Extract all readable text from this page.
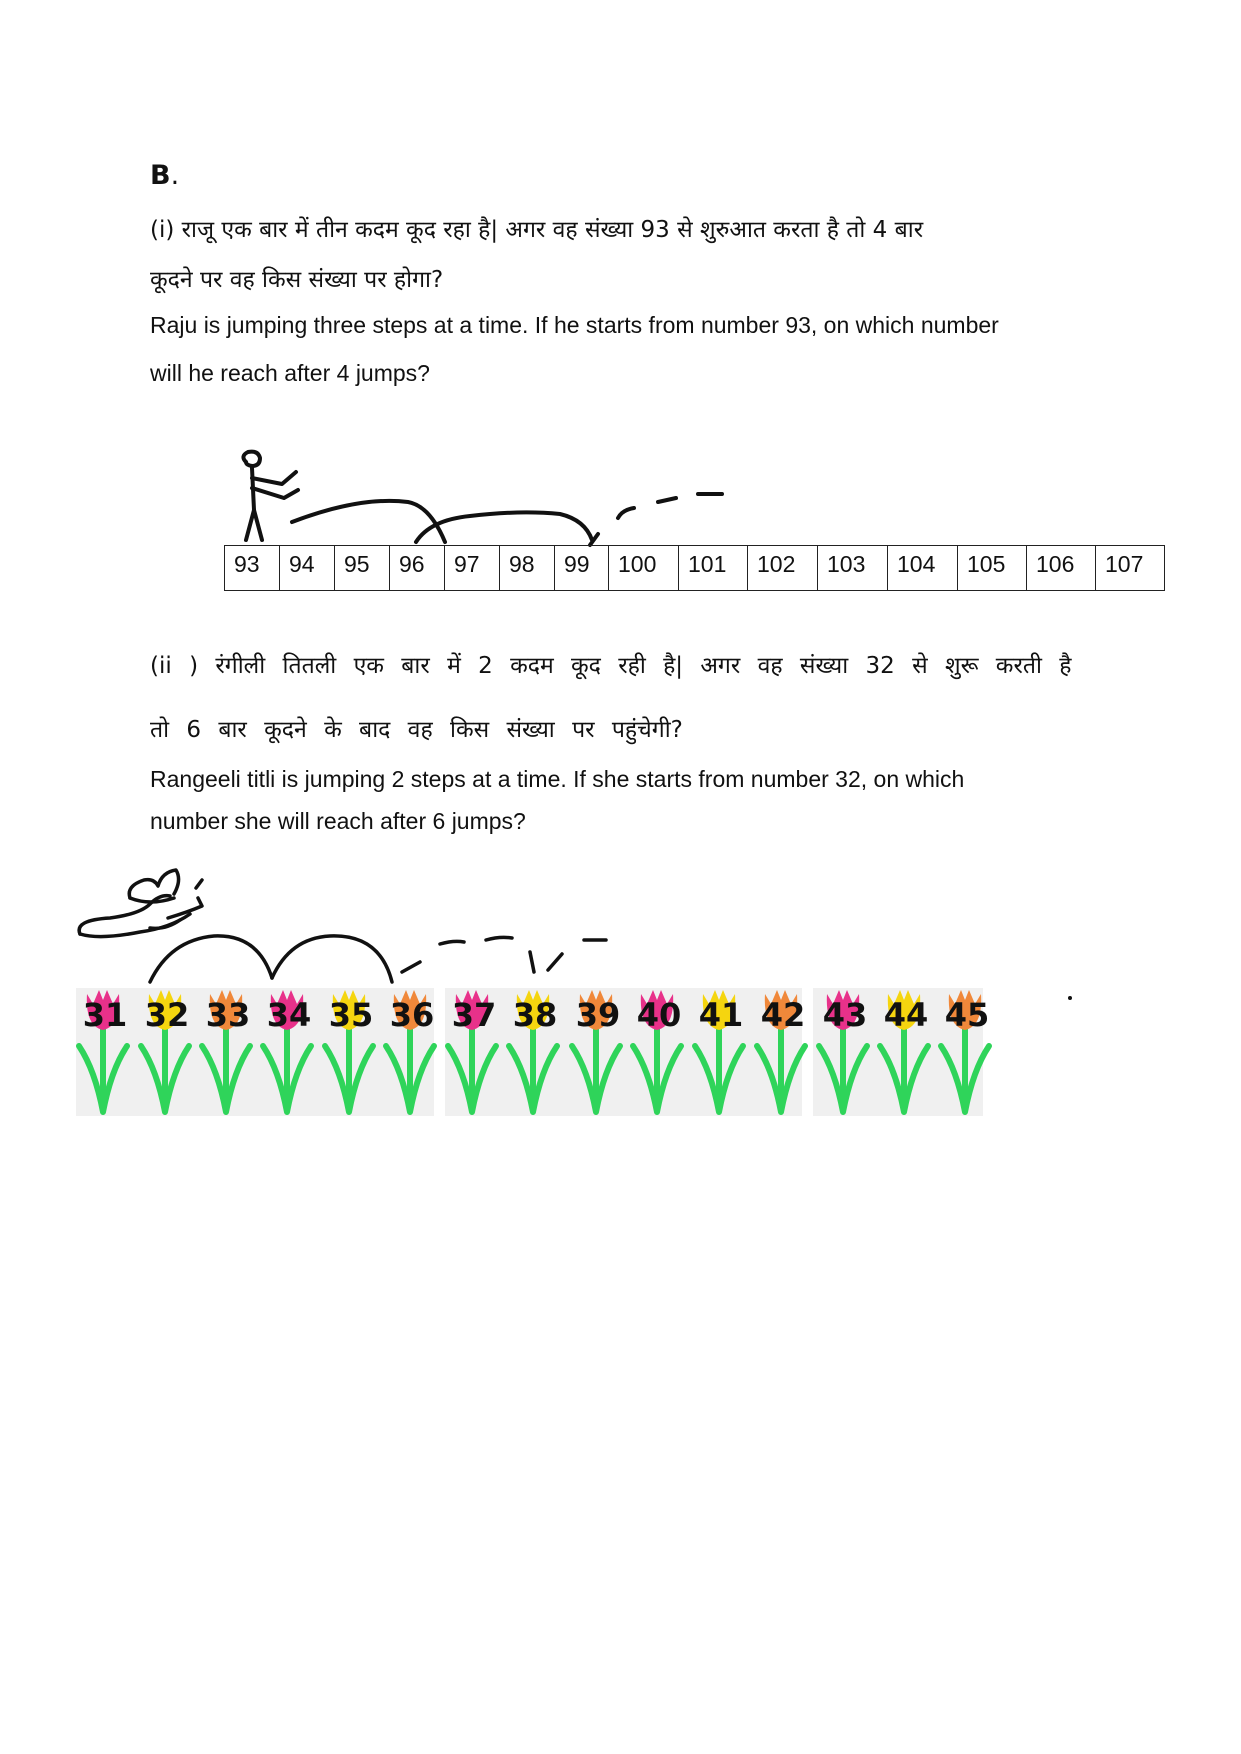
B.
(i) राजू एक बार में तीन कदम कूद रहा है| अगर वह संख्या 93 से शुरुआत करता है तो 4 बार
कूदने पर वह किस संख्या पर होगा?
Raju is jumping three steps at a time. If he starts from number 93, on which number
will he reach after 4 jumps?
93	94	95	96	97	98	99	100	101	102	103	104	105	106	107
(ii ) रंगीली तितली एक बार में 2 कदम कूद रही है| अगर वह संख्या 32 से शुरू करती है
तो 6 बार कूदने के बाद वह किस संख्या पर पहुंचेगी?
Rangeeli titli is jumping 2 steps at a time. If she starts from number 32, on which
number she will reach after 6 jumps?
31 32 33 34 35 36 37 38 39 40 41 42 43 44 45
